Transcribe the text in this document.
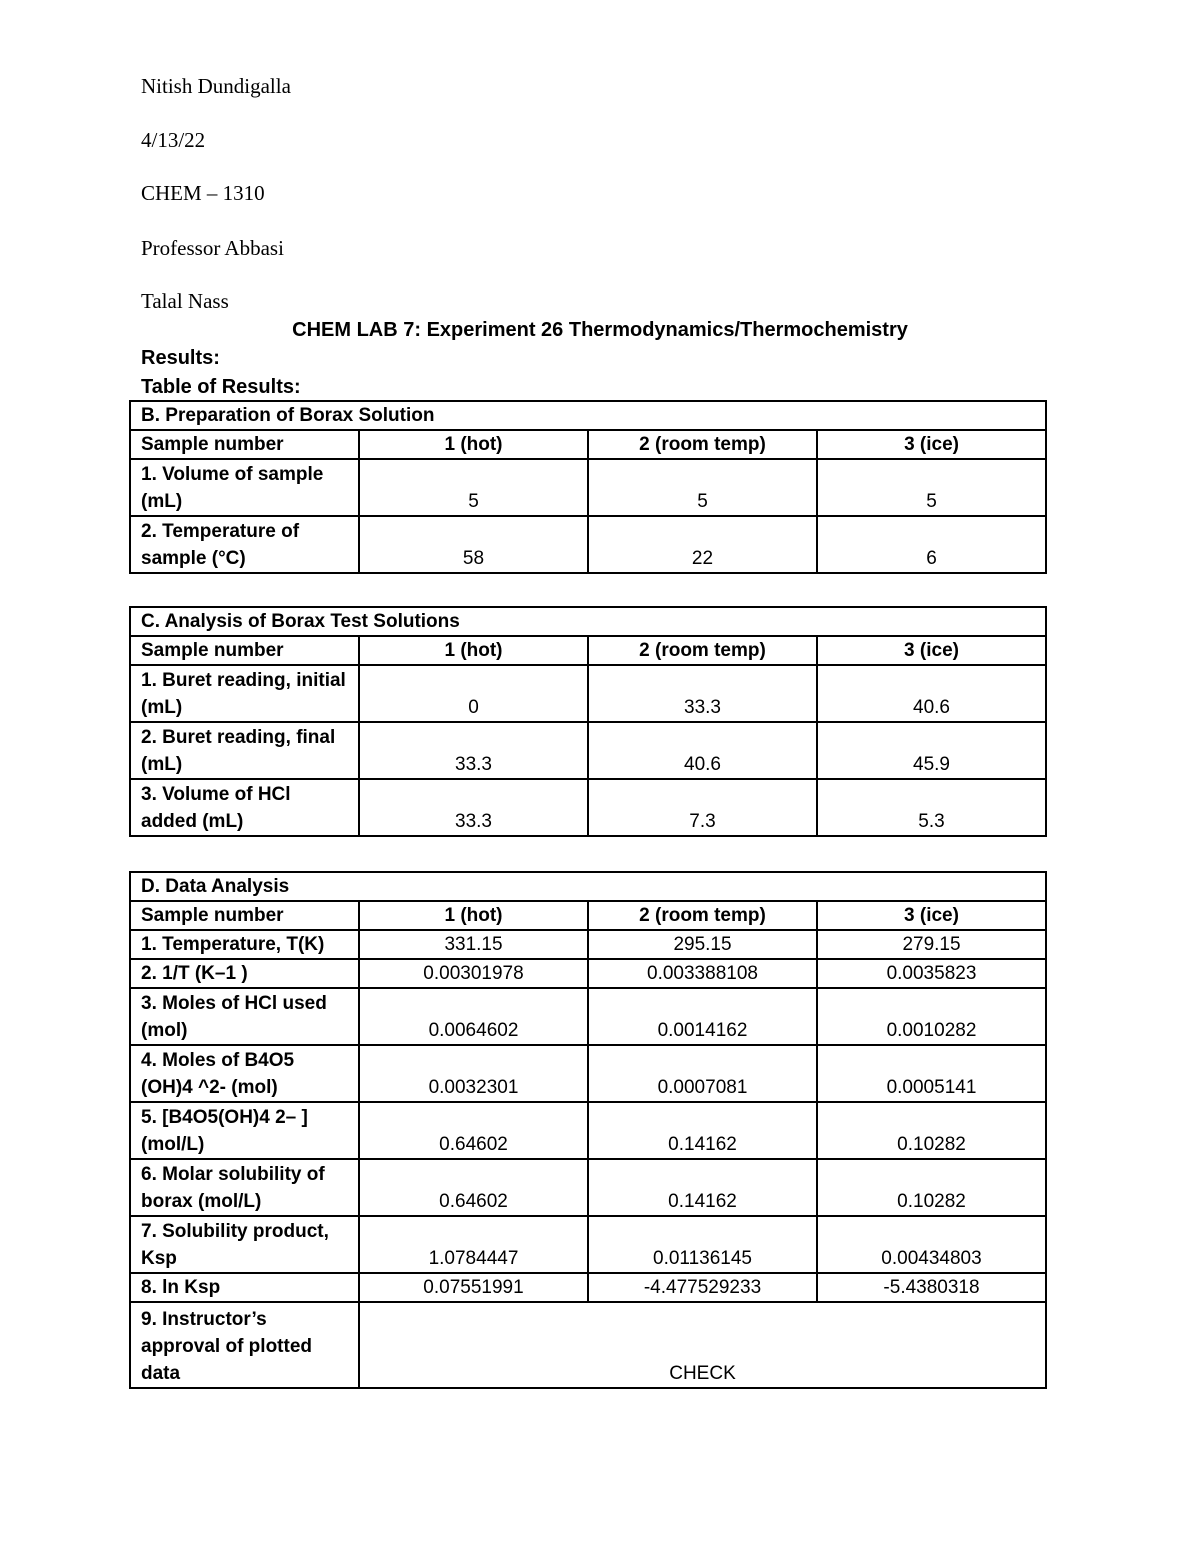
Nitish Dundigalla
4/13/22
CHEM – 1310
Professor Abbasi
Talal Nass
CHEM LAB 7: Experiment 26 Thermodynamics/Thermochemistry
Results:
Table of Results:
B. Preparation of Borax Solution			
Sample number	1 (hot)	2 (room temp)	3 (ice)
1. Volume of sample (mL)	5	5	5
2. Temperature of sample (°C)	58	22	6
C. Analysis of Borax Test Solutions			
Sample number	1 (hot)	2 (room temp)	3 (ice)
1. Buret reading, initial (mL)	0	33.3	40.6
2. Buret reading, final (mL)	33.3	40.6	45.9
3. Volume of HCl added (mL)	33.3	7.3	5.3
D. Data Analysis			
Sample number	1 (hot)	2 (room temp)	3 (ice)
1. Temperature, T(K)	331.15	295.15	279.15
2. 1/T (K–1 )	0.00301978	0.003388108	0.0035823
3. Moles of HCl used (mol)	0.0064602	0.0014162	0.0010282
4. Moles of B4O5 (OH)4 ^2- (mol)	0.0032301	0.0007081	0.0005141
5. [B4O5(OH)4 2– ] (mol/L)	0.64602	0.14162	0.10282
6. Molar solubility of borax (mol/L)	0.64602	0.14162	0.10282
7. Solubility product, Ksp	1.0784447	0.01136145	0.00434803
8. ln Ksp	0.07551991	-4.477529233	-5.4380318
9. Instructor’s approval of plotted data	CHECK		
